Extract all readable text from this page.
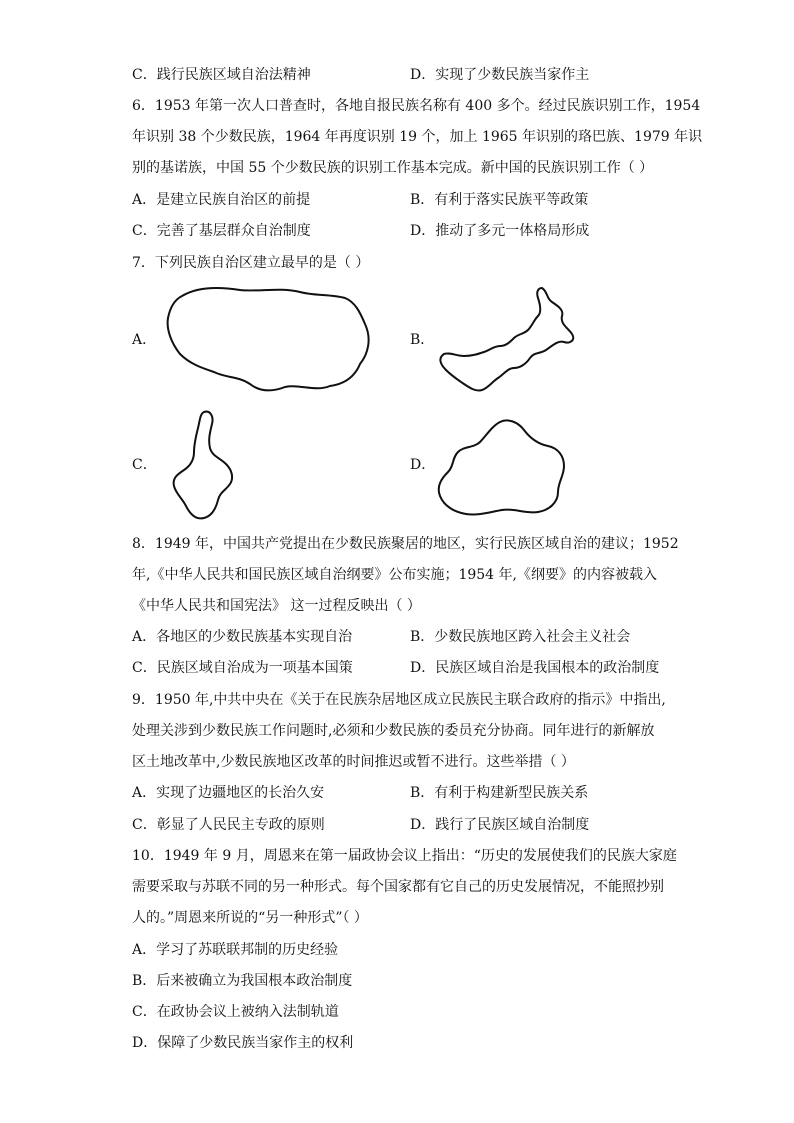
C．践行民族区域自治法精神	D．实现了少数民族当家作主
6．1953 年第一次人口普查时，各地自报民族名称有 400 多个。经过民族识别工作，1954
年识别 38 个少数民族，1964 年再度识别 19 个，加上 1965 年识别的珞巴族、1979 年识
别的基诺族，中国 55 个少数民族的识别工作基本完成。新中国的民族识别工作（ ）
A．是建立民族自治区的前提	B．有利于落实民族平等政策
C．完善了基层群众自治制度	D．推动了多元一体格局形成
7．下列民族自治区建立最早的是（ ）
A．	B．
C．	D．
8．1949 年，中国共产党提出在少数民族聚居的地区，实行民族区域自治的建议；1952
年,《中华人民共和国民族区域自治纲要》公布实施；1954 年,《纲要》的内容被载入
《中华人民共和国宪法》 这一过程反映出（ ）
A．各地区的少数民族基本实现自治	B．少数民族地区跨入社会主义社会
C．民族区域自治成为一项基本国策	D．民族区域自治是我国根本的政治制度
9．1950 年,中共中央在《关于在民族杂居地区成立民族民主联合政府的指示》中指出,
处理关涉到少数民族工作问题时,必须和少数民族的委员充分协商。同年进行的新解放
区土地改革中,少数民族地区改革的时间推迟或暂不进行。这些举措（ ）
A．实现了边疆地区的长治久安	B．有利于构建新型民族关系
C．彰显了人民民主专政的原则	D．践行了民族区域自治制度
10．1949 年 9 月，周恩来在第一届政协会议上指出：“历史的发展使我们的民族大家庭
需要采取与苏联不同的另一种形式。每个国家都有它自己的历史发展情况，不能照抄别
人的。”周恩来所说的“另一种形式”（ ）
A．学习了苏联联邦制的历史经验
B．后来被确立为我国根本政治制度
C．在政协会议上被纳入法制轨道
D．保障了少数民族当家作主的权利
